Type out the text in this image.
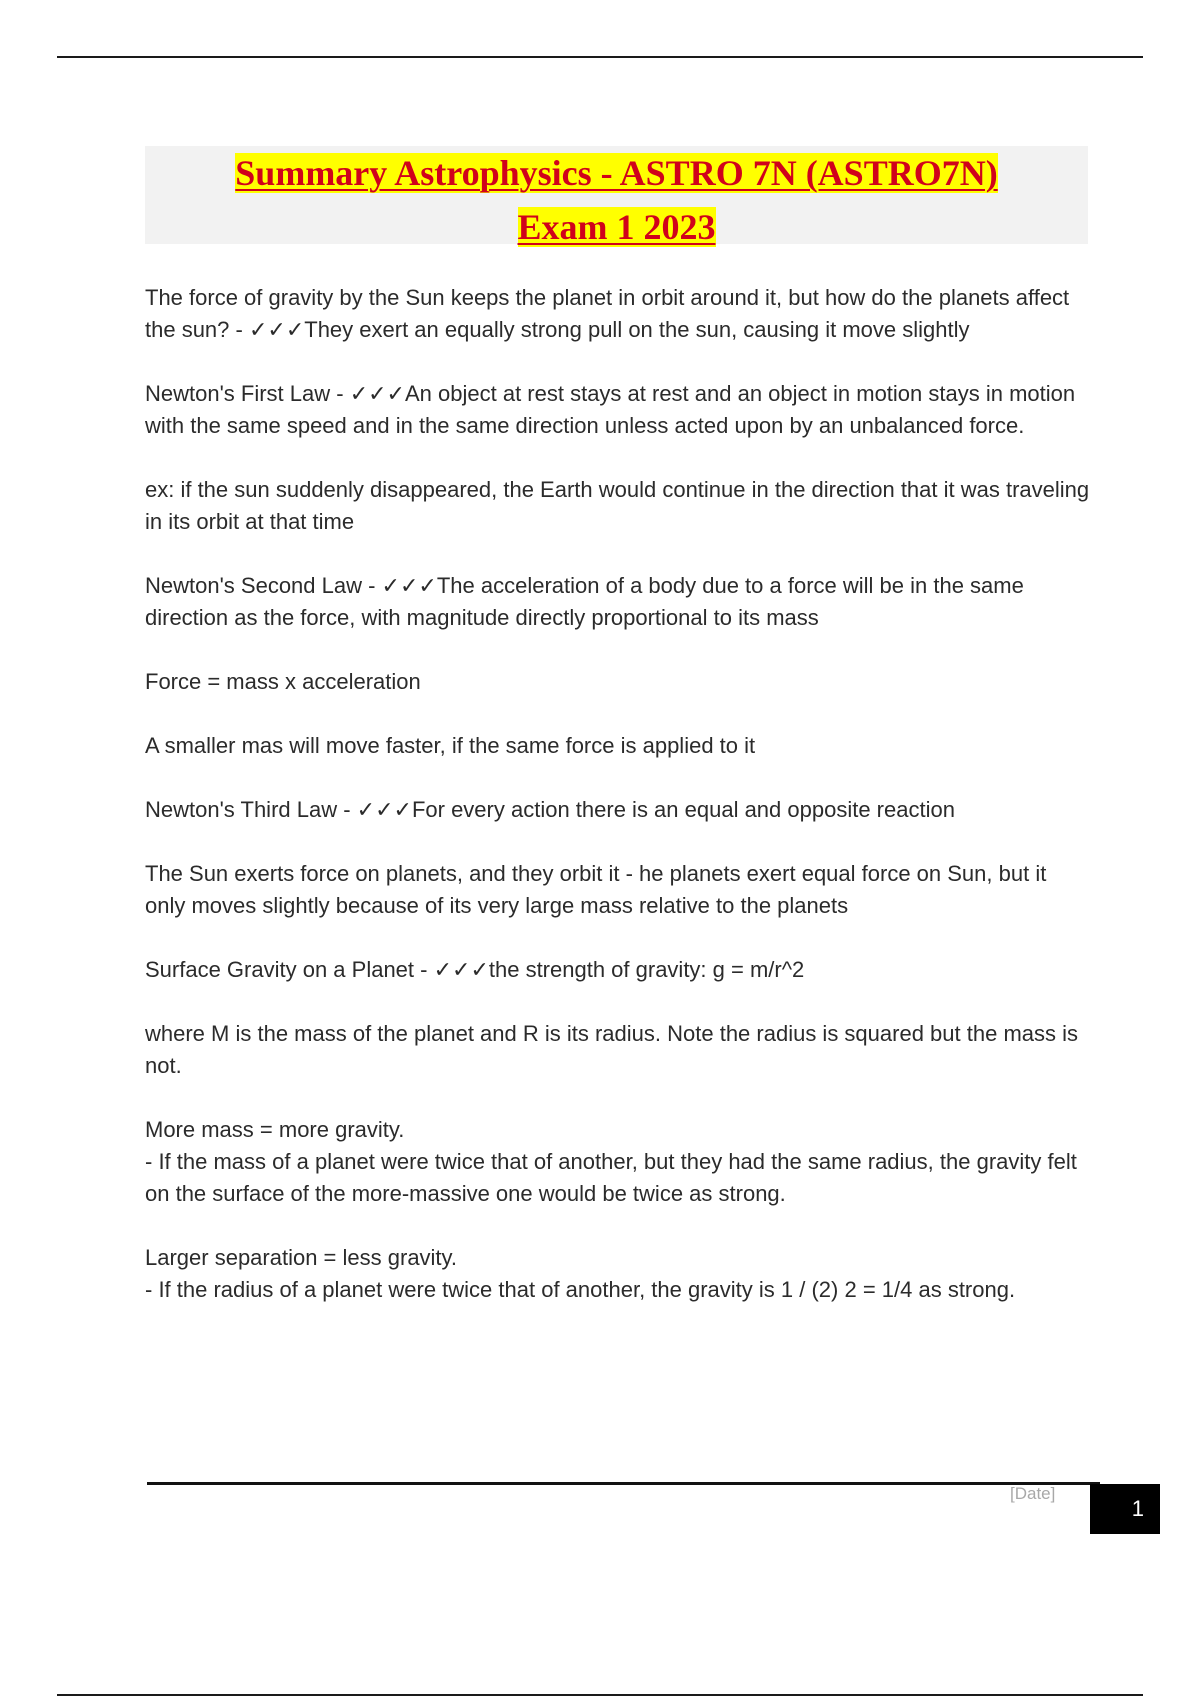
Summary Astrophysics - ASTRO 7N (ASTRO7N)
Exam 1 2023

The force of gravity by the Sun keeps the planet in orbit around it, but how do the planets affect the sun? - ✓✓✓They exert an equally strong pull on the sun, causing it move slightly

Newton's First Law - ✓✓✓An object at rest stays at rest and an object in motion stays in motion with the same speed and in the same direction unless acted upon by an unbalanced force.

ex: if the sun suddenly disappeared, the Earth would continue in the direction that it was traveling in its orbit at that time

Newton's Second Law - ✓✓✓The acceleration of a body due to a force will be in the same direction as the force, with magnitude directly proportional to its mass

Force = mass x acceleration

A smaller mas will move faster, if the same force is applied to it

Newton's Third Law - ✓✓✓For every action there is an equal and opposite reaction

The Sun exerts force on planets, and they orbit it - he planets exert equal force on Sun, but it only moves slightly because of its very large mass relative to the planets

Surface Gravity on a Planet - ✓✓✓the strength of gravity: g = m/r^2

where M is the mass of the planet and R is its radius. Note the radius is squared but the mass is not.

More mass = more gravity.
- If the mass of a planet were twice that of another, but they had the same radius, the gravity felt on the surface of the more-massive one would be twice as strong.

Larger separation = less gravity.
- If the radius of a planet were twice that of another, the gravity is 1 / (2) 2 = 1/4 as strong.

[Date]
1
